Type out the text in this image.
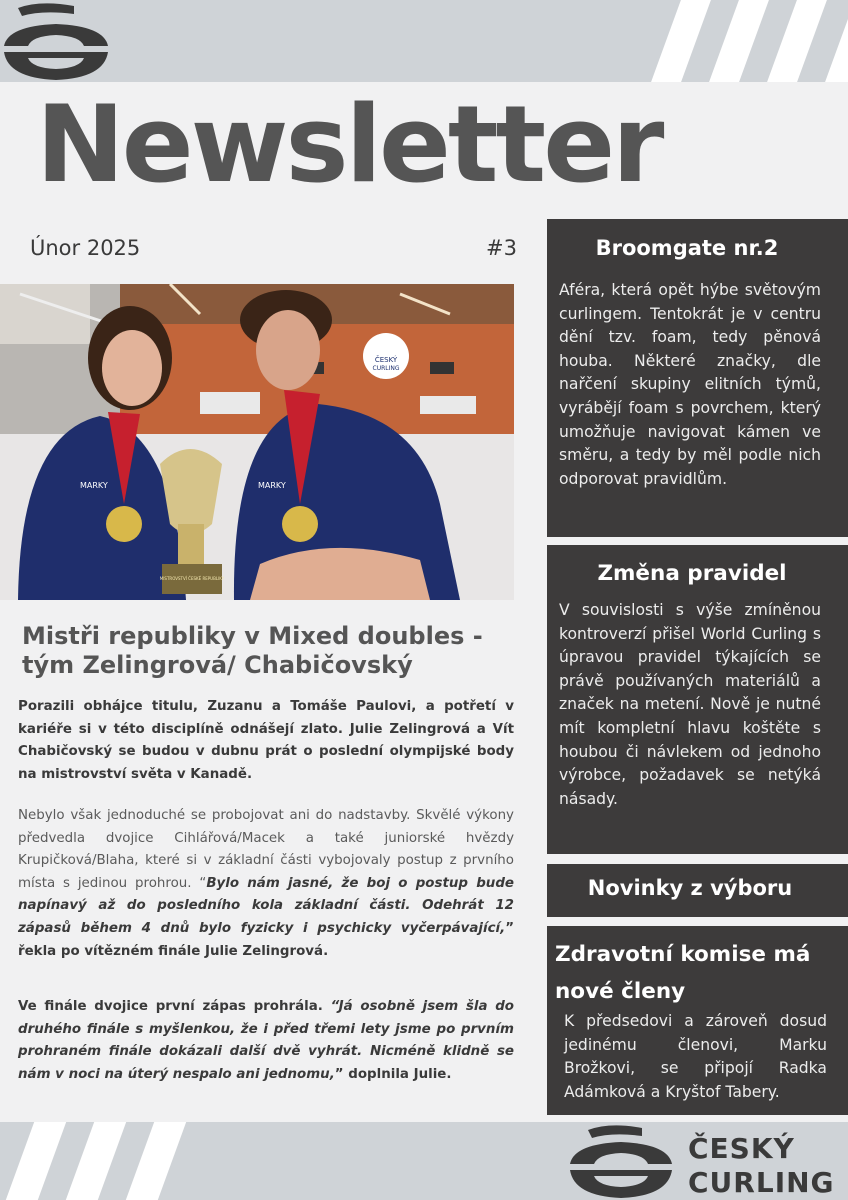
Newsletter
Únor 2025	#3
ČESKÝ
CURLING
MISTROVSTVÍ ČESKÉ REPUBLIKY
MARKY	MARKY
Mistři republiky v Mixed doubles - tým Zelingrová/ Chabičovský

Porazili obhájce titulu, Zuzanu a Tomáše Paulovi, a potřetí v kariéře si v této disciplíně odnášejí zlato. Julie Zelingrová a Vít Chabičovský se budou v dubnu prát o poslední olympijské body na mistrovství světa v Kanadě.

Nebylo však jednoduché se probojovat ani do nadstavby. Skvělé výkony předvedla dvojice Cihlářová/Macek a také juniorské hvězdy Krupičková/Blaha, které si v základní části vybojovaly postup z prvního místa s jedinou prohrou. “Bylo nám jasné, že boj o postup bude napínavý až do posledního kola základní části. Odehrát 12 zápasů během 4 dnů bylo fyzicky i psychicky vyčerpávající,” řekla po vítězném finále Julie Zelingrová.

Ve finále dvojice první zápas prohrála. “Já osobně jsem šla do druhého finále s myšlenkou, že i před třemi lety jsme po prvním prohraném finále dokázali další dvě vyhrát. Nicméně klidně se nám v noci na úterý nespalo ani jednomu,” doplnila Julie.

Broomgate nr.2

Aféra, která opět hýbe světovým curlingem. Tentokrát je v centru dění tzv. foam, tedy pěnová houba. Některé značky, dle nařčení skupiny elitních týmů, vyrábějí foam s povrchem, který umožňuje navigovat kámen ve směru, a tedy by měl podle nich odporovat pravidlům.

Změna pravidel

V souvislosti s výše zmíněnou kontroverzí přišel World Curling s úpravou pravidel týkajících se právě používaných materiálů a značek na metení. Nově je nutné mít kompletní hlavu koštěte s houbou či návlekem od jednoho výrobce, požadavek se netýká násady.

Novinky z výboru
Zdravotní komise má nové členy

K předsedovi a zároveň dosud jedinému členovi, Marku Brožkovi, se připojí Radka Adámková a Kryštof Tabery.

ČESKÝ
CURLING
